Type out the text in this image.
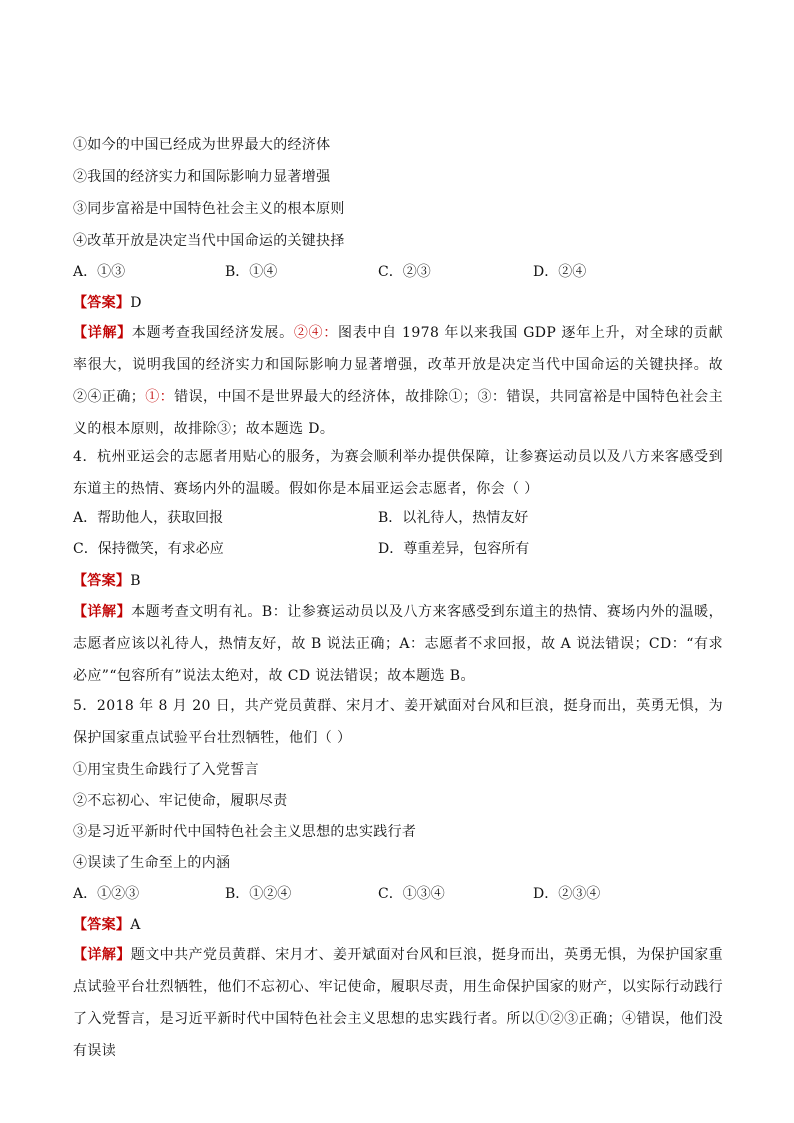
①如今的中国已经成为世界最大的经济体
②我国的经济实力和国际影响力显著增强
③同步富裕是中国特色社会主义的根本原则
④改革开放是决定当代中国命运的关键抉择
A．①③	B．①④	C．②③	D．②④
【答案】D
【详解】本题考查我国经济发展。②④：图表中自 1978 年以来我国 GDP 逐年上升，对全球的贡献率很大，说明我国的经济实力和国际影响力显著增强，改革开放是决定当代中国命运的关键抉择。故②④正确；①：错误，中国不是世界最大的经济体，故排除①；③：错误，共同富裕是中国特色社会主义的根本原则，故排除③；故本题选 D。
4．杭州亚运会的志愿者用贴心的服务，为赛会顺利举办提供保障，让参赛运动员以及八方来客感受到东道主的热情、赛场内外的温暖。假如你是本届亚运会志愿者，你会（ ）
A．帮助他人，获取回报	B．以礼待人，热情友好
C．保持微笑，有求必应	D．尊重差异，包容所有
【答案】B
【详解】本题考查文明有礼。B：让参赛运动员以及八方来客感受到东道主的热情、赛场内外的温暖，志愿者应该以礼待人，热情友好，故 B 说法正确；A：志愿者不求回报，故 A 说法错误；CD：“有求必应”“包容所有”说法太绝对，故 CD 说法错误；故本题选 B。
5．2018 年 8 月 20 日，共产党员黄群、宋月才、姜开斌面对台风和巨浪，挺身而出，英勇无惧，为保护国家重点试验平台壮烈牺牲，他们（ ）
①用宝贵生命践行了入党誓言
②不忘初心、牢记使命，履职尽责
③是习近平新时代中国特色社会主义思想的忠实践行者
④误读了生命至上的内涵
A．①②③	B．①②④	C．①③④	D．②③④
【答案】A
【详解】题文中共产党员黄群、宋月才、姜开斌面对台风和巨浪，挺身而出，英勇无惧，为保护国家重点试验平台壮烈牺牲，他们不忘初心、牢记使命，履职尽责，用生命保护国家的财产，以实际行动践行了入党誓言，是习近平新时代中国特色社会主义思想的忠实践行者。所以①②③正确；④错误，他们没有误读
